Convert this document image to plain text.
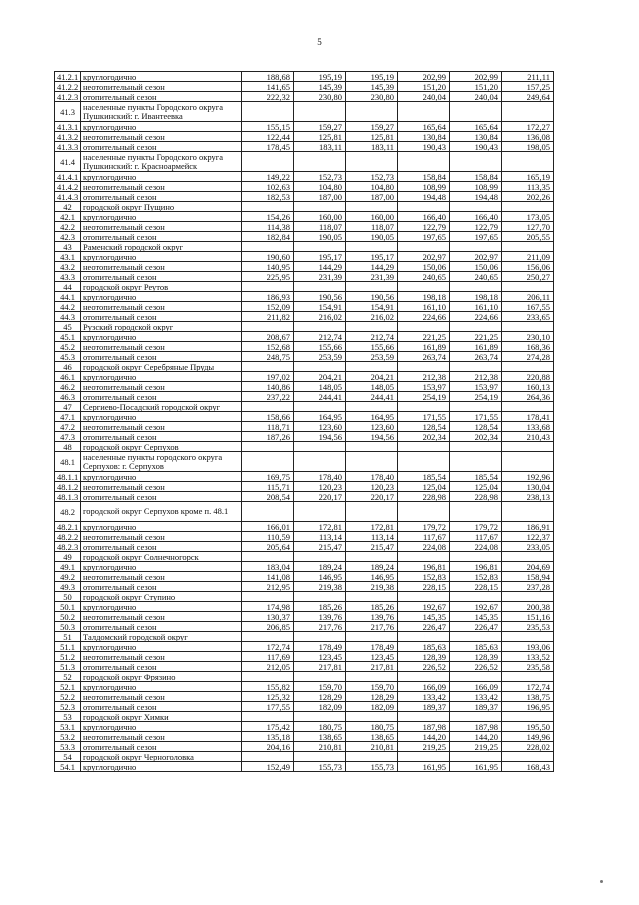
5
41.2.1	круглогодично	188,68	195,19	195,19	202,99	202,99	211,11
41.2.2	неотопительный сезон	141,65	145,39	145,39	151,20	151,20	157,25
41.2.3	отопительный сезон	222,32	230,80	230,80	240,04	240,04	249,64
41.3	населенные пункты Городского округа Пушкинский: г. Ивантеевка						
41.3.1	круглогодично	155,15	159,27	159,27	165,64	165,64	172,27
41.3.2	неотопительный сезон	122,44	125,81	125,81	130,84	130,84	136,08
41.3.3	отопительный сезон	178,45	183,11	183,11	190,43	190,43	198,05
41.4	населенные пункты Городского округа Пушкинский: г. Красноармейск						
41.4.1	круглогодично	149,22	152,73	152,73	158,84	158,84	165,19
41.4.2	неотопительный сезон	102,63	104,80	104,80	108,99	108,99	113,35
41.4.3	отопительный сезон	182,53	187,00	187,00	194,48	194,48	202,26
42	городской округ Пущино						
42.1	круглогодично	154,26	160,00	160,00	166,40	166,40	173,05
42.2	неотопительный сезон	114,38	118,07	118,07	122,79	122,79	127,70
42.3	отопительный сезон	182,84	190,05	190,05	197,65	197,65	205,55
43	Раменский городской округ						
43.1	круглогодично	190,60	195,17	195,17	202,97	202,97	211,09
43.2	неотопительный сезон	140,95	144,29	144,29	150,06	150,06	156,06
43.3	отопительный сезон	225,95	231,39	231,39	240,65	240,65	250,27
44	городской округ Реутов						
44.1	круглогодично	186,93	190,56	190,56	198,18	198,18	206,11
44.2	неотопительный сезон	152,09	154,91	154,91	161,10	161,10	167,55
44.3	отопительный сезон	211,82	216,02	216,02	224,66	224,66	233,65
45	Рузский городской округ						
45.1	круглогодично	208,67	212,74	212,74	221,25	221,25	230,10
45.2	неотопительный сезон	152,68	155,66	155,66	161,89	161,89	168,36
45.3	отопительный сезон	248,75	253,59	253,59	263,74	263,74	274,28
46	городской округ Серебряные Пруды						
46.1	круглогодично	197,02	204,21	204,21	212,38	212,38	220,88
46.2	неотопительный сезон	140,86	148,05	148,05	153,97	153,97	160,13
46.3	отопительный сезон	237,22	244,41	244,41	254,19	254,19	264,36
47	Сергиево-Посадский городской округ						
47.1	круглогодично	158,66	164,95	164,95	171,55	171,55	178,41
47.2	неотопительный сезон	118,71	123,60	123,60	128,54	128,54	133,68
47.3	отопительный сезон	187,26	194,56	194,56	202,34	202,34	210,43
48	городской округ Серпухов						
48.1	населенные пункты городского округа Серпухов: г. Серпухов						
48.1.1	круглогодично	169,75	178,40	178,40	185,54	185,54	192,96
48.1.2	неотопительный сезон	115,71	120,23	120,23	125,04	125,04	130,04
48.1.3	отопительный сезон	208,54	220,17	220,17	228,98	228,98	238,13
48.2	городской округ Серпухов кроме п. 48.1						
48.2.1	круглогодично	166,01	172,81	172,81	179,72	179,72	186,91
48.2.2	неотопительный сезон	110,59	113,14	113,14	117,67	117,67	122,37
48.2.3	отопительный сезон	205,64	215,47	215,47	224,08	224,08	233,05
49	городской округ Солнечногорск						
49.1	круглогодично	183,04	189,24	189,24	196,81	196,81	204,69
49.2	неотопительный сезон	141,08	146,95	146,95	152,83	152,83	158,94
49.3	отопительный сезон	212,95	219,38	219,38	228,15	228,15	237,28
50	городской округ Ступино						
50.1	круглогодично	174,98	185,26	185,26	192,67	192,67	200,38
50.2	неотопительный сезон	130,37	139,76	139,76	145,35	145,35	151,16
50.3	отопительный сезон	206,85	217,76	217,76	226,47	226,47	235,53
51	Талдомский городской округ						
51.1	круглогодично	172,74	178,49	178,49	185,63	185,63	193,06
51.2	неотопительный сезон	117,69	123,45	123,45	128,39	128,39	133,52
51.3	отопительный сезон	212,05	217,81	217,81	226,52	226,52	235,58
52	городской округ Фрязино						
52.1	круглогодично	155,82	159,70	159,70	166,09	166,09	172,74
52.2	неотопительный сезон	125,32	128,29	128,29	133,42	133,42	138,75
52.3	отопительный сезон	177,55	182,09	182,09	189,37	189,37	196,95
53	городской округ Химки						
53.1	круглогодично	175,42	180,75	180,75	187,98	187,98	195,50
53.2	неотопительный сезон	135,18	138,65	138,65	144,20	144,20	149,96
53.3	отопительный сезон	204,16	210,81	210,81	219,25	219,25	228,02
54	городской округ Черноголовка						
54.1	круглогодично	152,49	155,73	155,73	161,95	161,95	168,43
